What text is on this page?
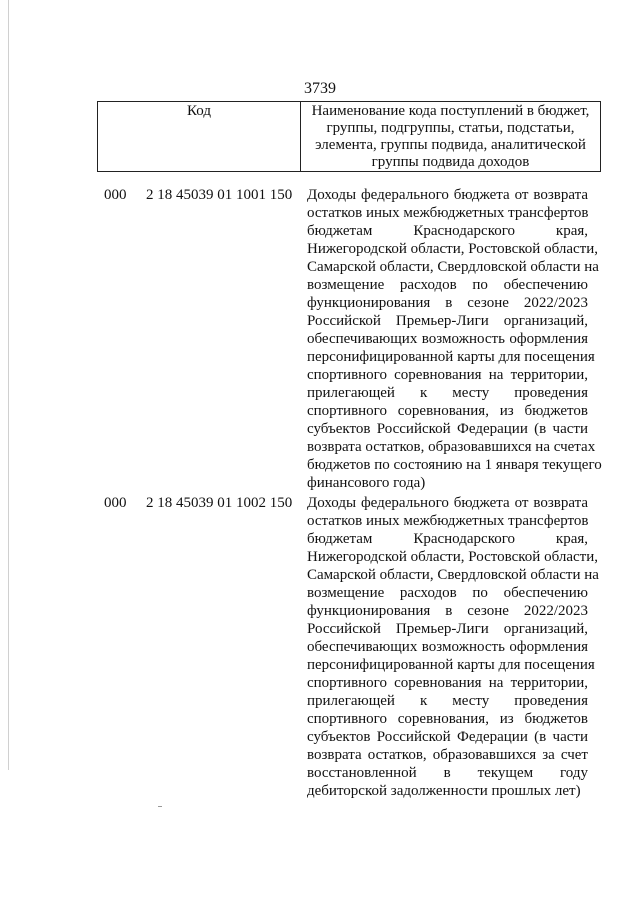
3739
Код	Наименование кода поступлений в бюджет,
группы, подгруппы, статьи, подстатьи,
элемента, группы подвида, аналитической
группы подвида доходов
000 2 18 45039 01 1001 150 Доходы федерального бюджета от возврата
остатков иных межбюджетных трансфертов
бюджетам Краснодарского края,
Нижегородской области, Ростовской области,
Самарской области, Свердловской области на
возмещение расходов по обеспечению
функционирования в сезоне 2022/2023
Российской Премьер-Лиги организаций,
обеспечивающих возможность оформления
персонифицированной карты для посещения
спортивного соревнования на территории,
прилегающей к месту проведения
спортивного соревнования, из бюджетов
субъектов Российской Федерации (в части
возврата остатков, образовавшихся на счетах
бюджетов по состоянию на 1 января текущего
финансового года)
000 2 18 45039 01 1002 150 Доходы федерального бюджета от возврата
остатков иных межбюджетных трансфертов
бюджетам Краснодарского края,
Нижегородской области, Ростовской области,
Самарской области, Свердловской области на
возмещение расходов по обеспечению
функционирования в сезоне 2022/2023
Российской Премьер-Лиги организаций,
обеспечивающих возможность оформления
персонифицированной карты для посещения
спортивного соревнования на территории,
прилегающей к месту проведения
спортивного соревнования, из бюджетов
субъектов Российской Федерации (в части
возврата остатков, образовавшихся за счет
восстановленной в текущем году
дебиторской задолженности прошлых лет)
